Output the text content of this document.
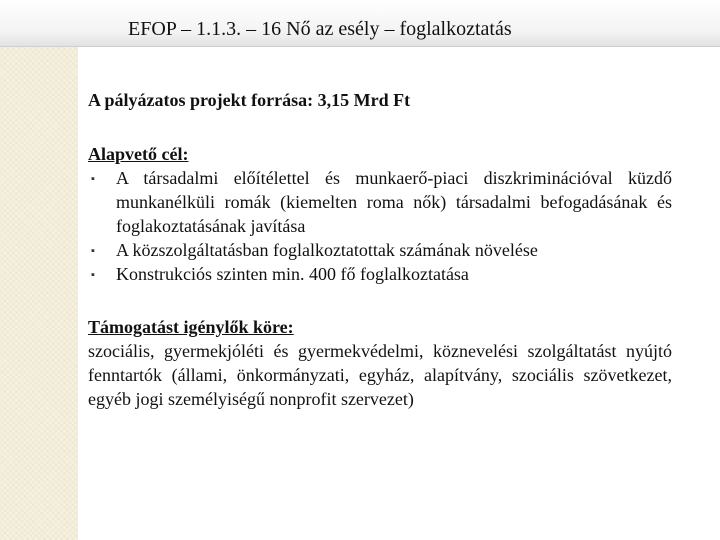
EFOP – 1.1.3. – 16 Nő az esély – foglalkoztatás

A pályázatos projekt forrása: 3,15 Mrd Ft

Alapvető cél:

▪ A társadalmi előítélettel és munkaerő-piaci diszkriminációval küzdő munkanélküli romák (kiemelten roma nők) társadalmi befogadásának és foglakoztatásának javítása
▪ A közszolgáltatásban foglalkoztatottak számának növelése
▪ Konstrukciós szinten min. 400 fő foglalkoztatása

Támogatást igénylők köre:

szociális, gyermekjóléti és gyermekvédelmi, köznevelési szolgáltatást nyújtó fenntartók (állami, önkormányzati, egyház, alapítvány, szociális szövetkezet, egyéb jogi személyiségű nonprofit szervezet)
